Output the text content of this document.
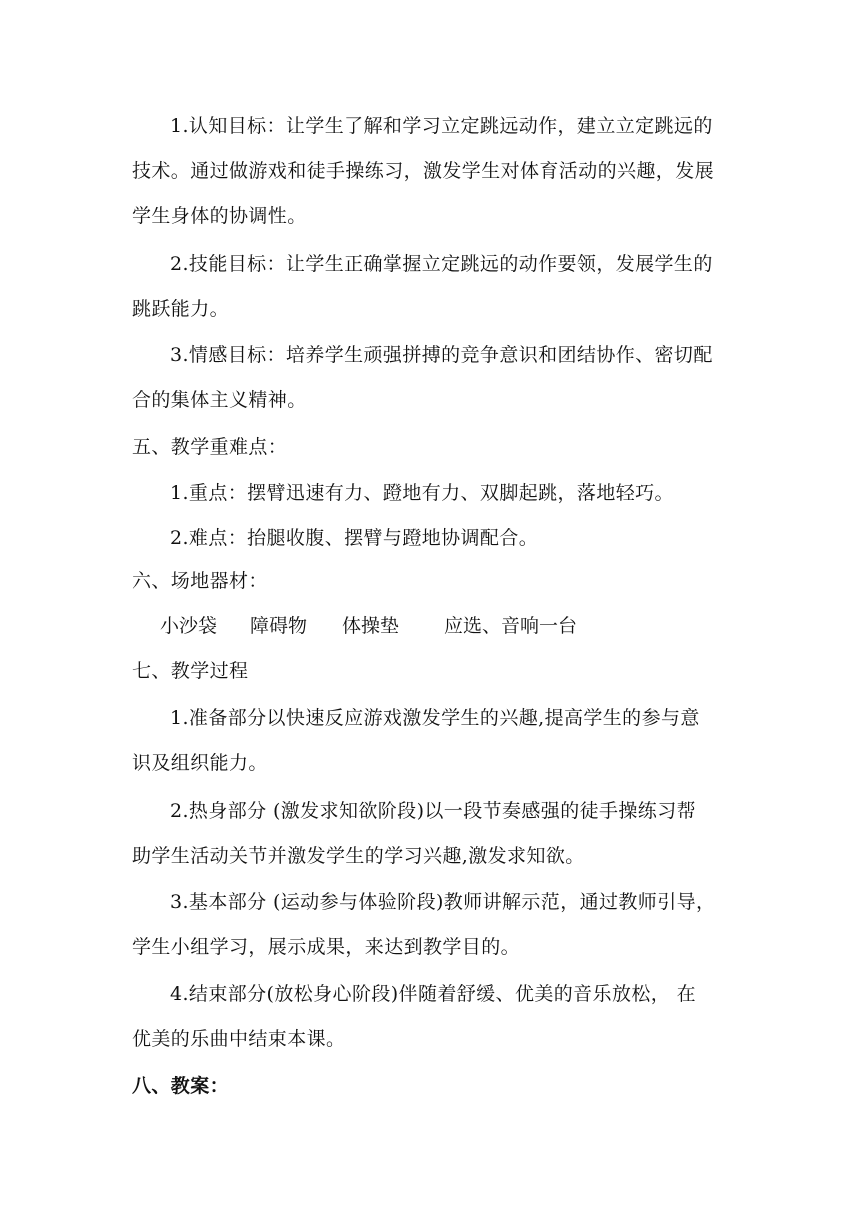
1.认知目标：让学生了解和学习立定跳远动作，建立立定跳远的
技术。通过做游戏和徒手操练习，激发学生对体育活动的兴趣，发展
学生身体的协调性。
2.技能目标：让学生正确掌握立定跳远的动作要领，发展学生的
跳跃能力。
3.情感目标：培养学生顽强拼搏的竞争意识和团结协作、密切配
合的集体主义精神。
五、教学重难点：
1.重点：摆臂迅速有力、蹬地有力、双脚起跳，落地轻巧。
2.难点：抬腿收腹、摆臂与蹬地协调配合。
六、场地器材：
小沙袋 障碍物 体操垫 应选、音响一台
七、教学过程
1.准备部分以快速反应游戏激发学生的兴趣,提高学生的参与意
识及组织能力。
2.热身部分 (激发求知欲阶段)以一段节奏感强的徒手操练习帮
助学生活动关节并激发学生的学习兴趣,激发求知欲。
3.基本部分 (运动参与体验阶段)教师讲解示范，通过教师引导，
学生小组学习，展示成果，来达到教学目的。
4.结束部分(放松身心阶段)伴随着舒缓、优美的音乐放松， 在
优美的乐曲中结束本课。
八、教案：
